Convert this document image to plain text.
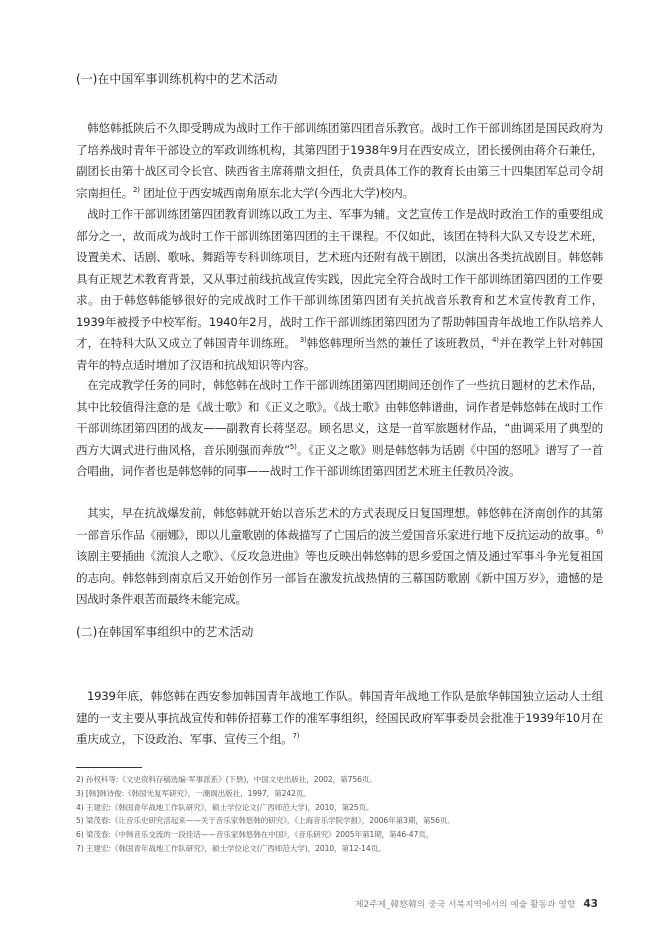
(一)在中国军事训练机构中的艺术活动

韩悠韩抵陕后不久即受聘成为战时工作干部训练团第四团音乐教官。战时工作干部训练团是国民政府为了培养战时青年干部设立的军政训练机构，其第四团于1938年9月在西安成立，团长援例由蒋介石兼任，副团长由第十战区司令长官、陕西省主席蒋鼎文担任，负责具体工作的教育长由第三十四集团军总司令胡宗南担任。$^{2)}$ 团址位于西安城西南角原东北大学(今西北大学)校内。

战时工作干部训练团第四团教育训练以政工为主、军事为辅。文艺宣传工作是战时政治工作的重要组成部分之一，故而成为战时工作干部训练团第四团的主干课程。不仅如此，该团在特科大队又专设艺术班，设置美术、话剧、歌咏、舞蹈等专科训练项目，艺术班内还附有战干剧团，以演出各类抗战剧目。韩悠韩具有正规艺术教育背景，又从事过前线抗战宣传实践，因此完全符合战时工作干部训练团第四团的工作要求。由于韩悠韩能够很好的完成战时工作干部训练团第四团有关抗战音乐教育和艺术宣传教育工作，1939年被授予中校军衔。1940年2月，战时工作干部训练团第四团为了帮助韩国青年战地工作队培养人才，在特科大队又成立了韩国青年训练班。 $^{3)}$韩悠韩理所当然的兼任了该班教员，$^{4)}$并在教学上针对韩国青年的特点适时增加了汉语和抗战知识等内容。

在完成教学任务的同时，韩悠韩在战时工作干部训练团第四团期间还创作了一些抗日题材的艺术作品，其中比较值得注意的是《战士歌》和《正义之歌》。《战士歌》由韩悠韩谱曲，词作者是韩悠韩在战时工作干部训练团第四团的战友——副教育长蒋坚忍。顾名思义，这是一首军旅题材作品，“曲调采用了典型的西方大调式进行曲风格，音乐刚强而奔放”$^{5)}$。《正义之歌》则是韩悠韩为话剧《中国的怒吼》谱写了一首合唱曲，词作者也是韩悠韩的同事——战时工作干部训练团第四团艺术班主任教员冷波。

其实，早在抗战爆发前，韩悠韩就开始以音乐艺术的方式表现反日复国理想。韩悠韩在济南创作的其第一部音乐作品《丽娜》，即以儿童歌剧的体裁描写了亡国后的波兰爱国音乐家进行地下反抗运动的故事。$^{6)}$该剧主要插曲《流浪人之歌》、《反攻急进曲》等也反映出韩悠韩的思乡爱国之情及通过军事斗争光复祖国的志向。韩悠韩到南京后又开始创作另一部旨在激发抗战热情的三幕国防歌剧《新中国万岁》，遗憾的是因战时条件艰苦而最终未能完成。

(二)在韩国军事组织中的艺术活动

1939年底，韩悠韩在西安参加韩国青年战地工作队。韩国青年战地工作队是旅华韩国独立运动人士组建的一支主要从事抗战宣传和韩侨招募工作的准军事组织，经国民政府军事委员会批准于1939年10月在重庆成立，下设政治、军事、宣传三个组。$^{7)}$

2) 孙权科等:《文史资料存稿选编·军事派系》(下册)，中国文史出版社，2002，第756页。
3) [韩]韩诗俊:《韩国光复军研究》，一潮阁出版社，1997，第242页。
4) 王建宏:《韩国青年战地工作队研究》，硕士学位论文(广西师范大学)，2010，第25页。
5) 梁茂春:《让音乐史研究活起来——关于音乐家韩悠韩的研究》，《上海音乐学院学报》，2006年第3期，第56页。
6) 梁茂春:《中韩音乐交流的一段佳话——音乐家韩悠韩在中国》，《音乐研究》2005年第1期，第46-47页。
7) 王建宏:《韩国青年战地工作队研究》，硕士学位论文(广西师范大学)，2010，第12-14页。
제2주제_韓悠韓의 중국 서북지역에서의 예술 활동과 영향 43
